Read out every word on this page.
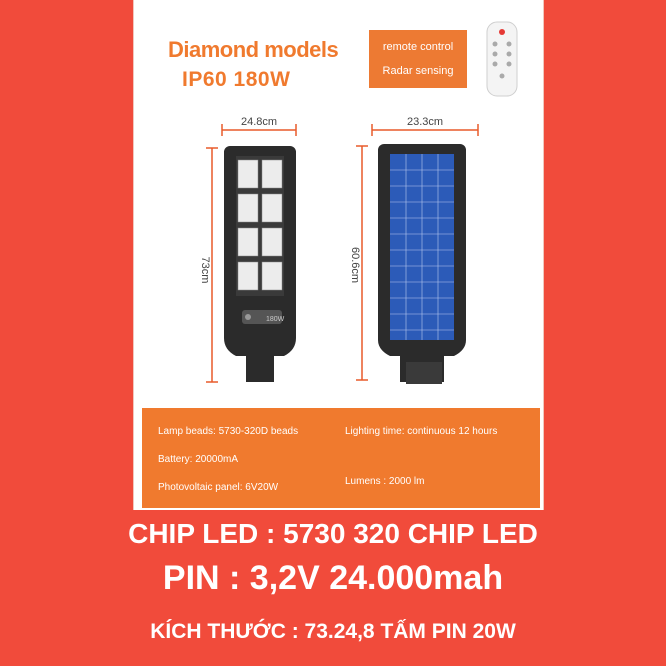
Diamond models
IP60 180W
remote control
Radar sensing
24.8cm
73cm
180W
23.3cm
60.6cm
Lamp beads: 5730-320D beads
Battery: 20000mA
Photovoltaic panel: 6V20W
Lighting time: continuous 12 hours
Lumens : 2000 lm
CHIP LED : 5730 320 CHIP LED
PIN : 3,2V 24.000mah
KÍCH THƯỚC : 73.24,8 TẤM PIN 20W
